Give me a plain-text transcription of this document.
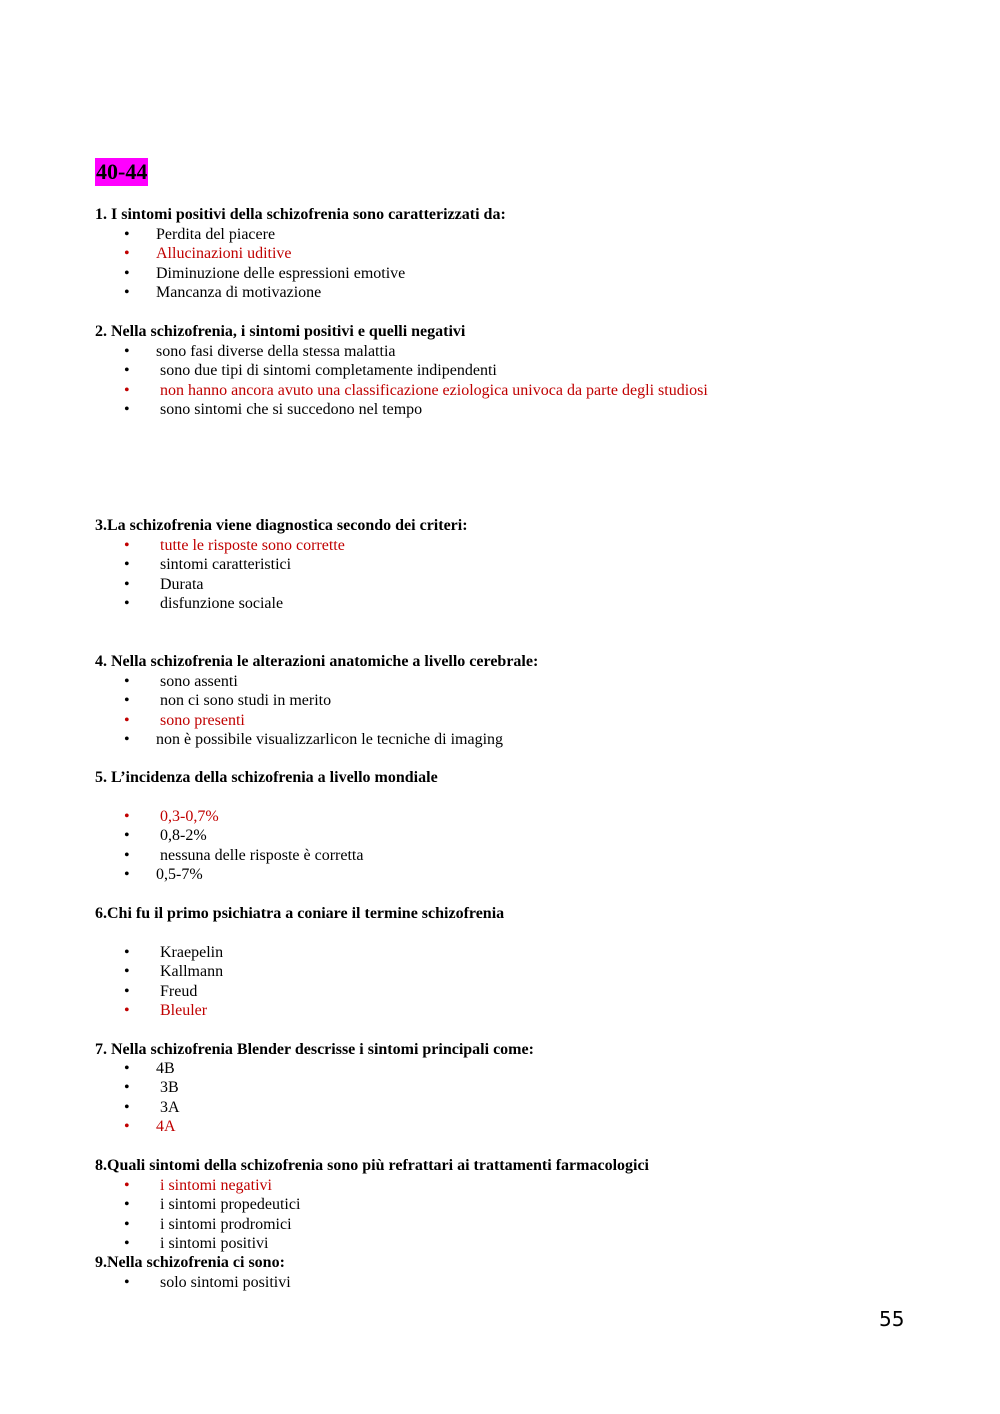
40-44
1. I sintomi positivi della schizofrenia sono caratterizzati da:
• Perdita del piacere
• Allucinazioni uditive
• Diminuzione delle espressioni emotive
• Mancanza di motivazione
2. Nella schizofrenia, i sintomi positivi e quelli negativi
• sono fasi diverse della stessa malattia
• sono due tipi di sintomi completamente indipendenti
• non hanno ancora avuto una classificazione eziologica univoca da parte degli studiosi
• sono sintomi che si succedono nel tempo
3.La schizofrenia viene diagnostica secondo dei criteri:
• tutte le risposte sono corrette
• sintomi caratteristici
• Durata
• disfunzione sociale
4. Nella schizofrenia le alterazioni anatomiche a livello cerebrale:
• sono assenti
• non ci sono studi in merito
• sono presenti
• non è possibile visualizzarlicon le tecniche di imaging
5. L’incidenza della schizofrenia a livello mondiale
• 0,3-0,7%
• 0,8-2%
• nessuna delle risposte è corretta
• 0,5-7%
6.Chi fu il primo psichiatra a coniare il termine schizofrenia
• Kraepelin
• Kallmann
• Freud
• Bleuler
7. Nella schizofrenia Blender descrisse i sintomi principali come:
• 4B
• 3B
• 3A
• 4A
8.Quali sintomi della schizofrenia sono più refrattari ai trattamenti farmacologici
• i sintomi negativi
• i sintomi propedeutici
• i sintomi prodromici
• i sintomi positivi
9.Nella schizofrenia ci sono:
• solo sintomi positivi
55
